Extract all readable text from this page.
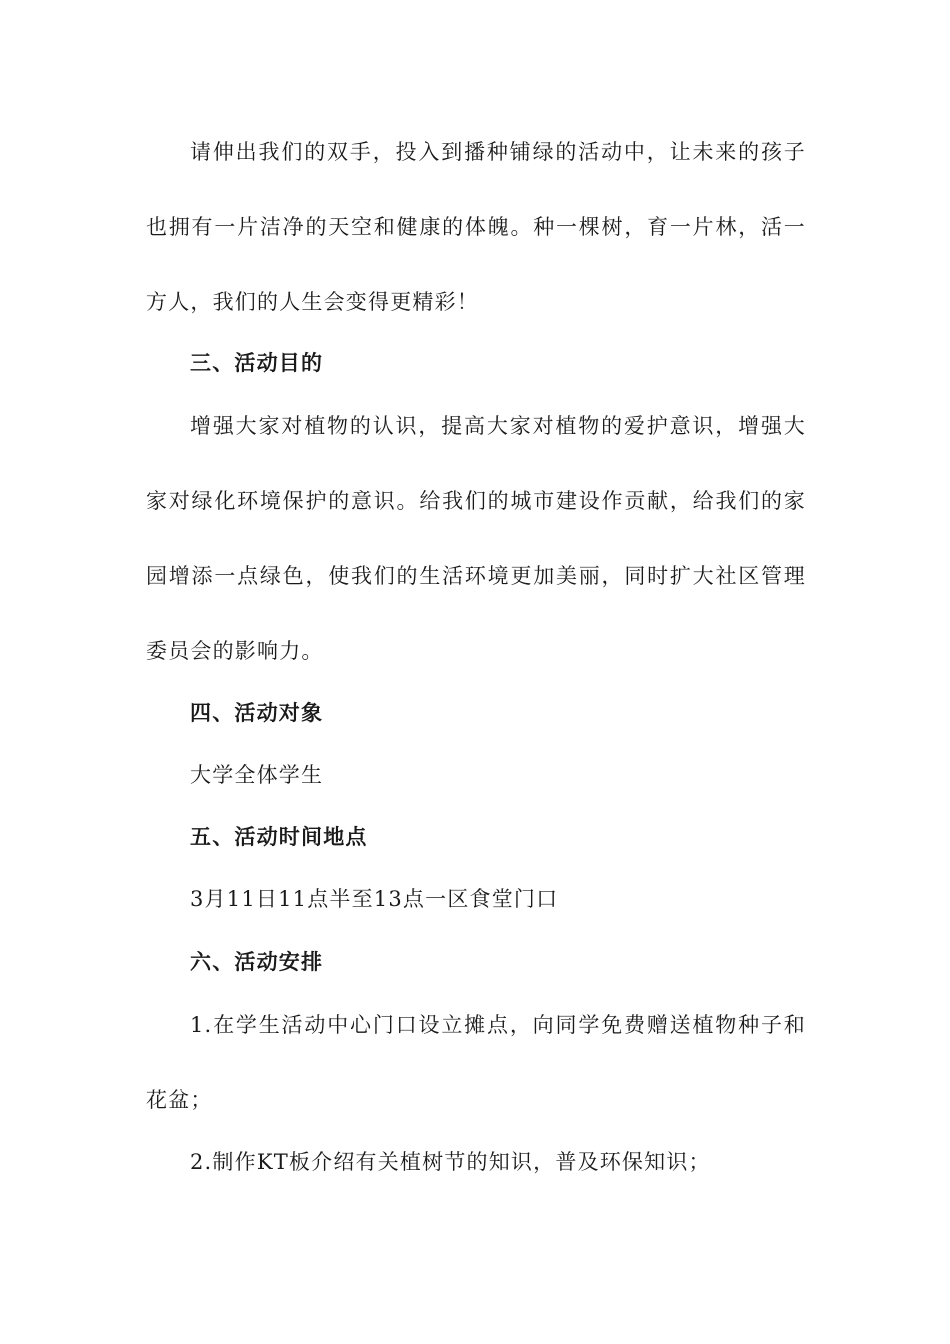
请伸出我们的双手，投入到播种铺绿的活动中，让未来的孩子
也拥有一片洁净的天空和健康的体魄。种一棵树，育一片林，活一
方人，我们的人生会变得更精彩！
三、活动目的
增强大家对植物的认识，提高大家对植物的爱护意识，增强大
家对绿化环境保护的意识。给我们的城市建设作贡献，给我们的家
园增添一点绿色，使我们的生活环境更加美丽，同时扩大社区管理
委员会的影响力。
四、活动对象
大学全体学生
五、活动时间地点
3月11日11点半至13点一区食堂门口
六、活动安排
1.在学生活动中心门口设立摊点，向同学免费赠送植物种子和
花盆；
2.制作KT板介绍有关植树节的知识，普及环保知识；
